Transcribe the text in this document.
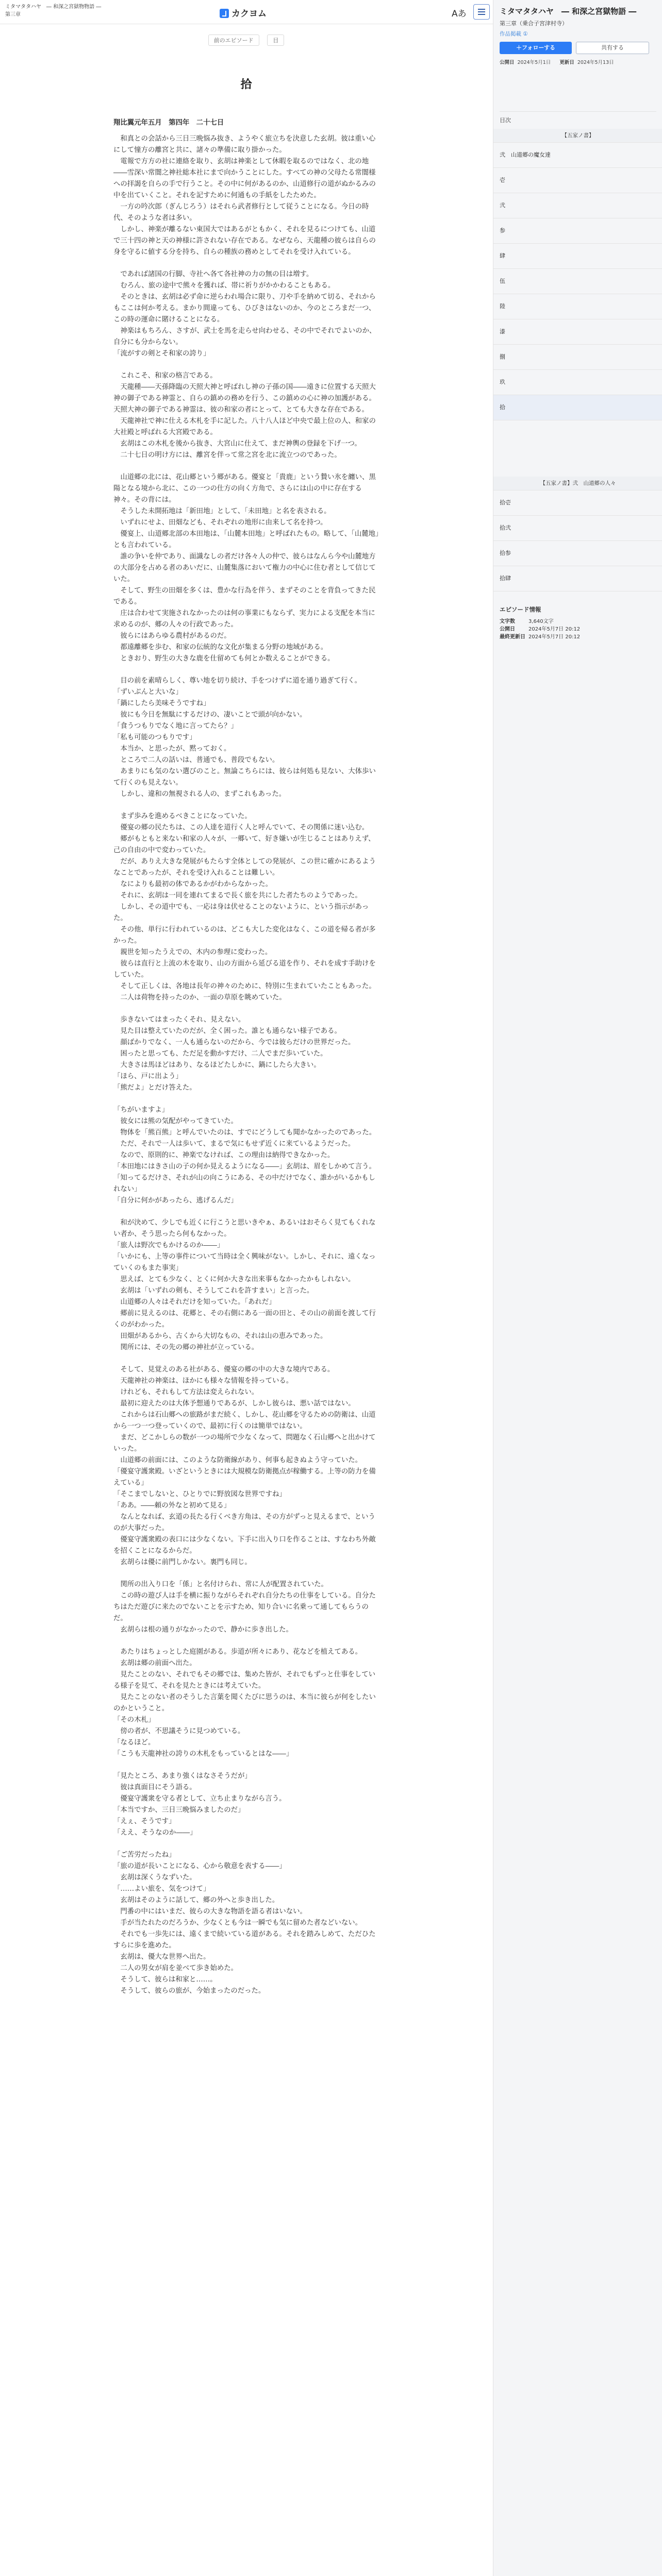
ミタマタタハヤ　― 和深之宮獄物物語 ―
第三章	カクヨム	Aあ
前のエピソード	目
拾

翔比翼元年五月　第四年　二十七日

　和真との会話から三日三晩悩み抜き、ようやく旅立ちを決意した玄胡。彼は重い心にして憧方の離宮と共に、諸々の準備に取り掛かった。

　電報で方方の社に連絡を取り、玄胡は神楽として休暇を取るのではなく、北の地――雪深い常闇之神社総本社にまで向かうことにした。すべての神の父母たる常闇様への拝謁を自らの手で行うこと。その中に何があるのか、山道修行の道がぬかるみの中を出ていくこと。それを記すために何通もの手紙をしたためた。

　一方の吟次郎（ぎんじろう）はそれら武者修行として従うことになる。今日の時代、そのような者は多い。

　しかし、神楽が離るない東国大ではあるがともかく、それを見るにつけても、山道で三十四の神と天の神様に許されない存在である。なぜなら、天龍種の彼らは自らの身を守るに値する分を持ち、自らの種族の務めとしてそれを受け入れている。

　であれば諸国の行脚、寺社へ各て各社神の力の無の目は増す。

　むろん、旅の途中で熊々を獲れば、帯に祈りがかかわることもある。

　そのときは、玄胡は必ず命に逆らわれ場合に限り、刀や手を納めて切る、それからもここは何か考える。まかり間違っても、ひびきはないのか、今のところまだ一つ、この時の運命に賭けることになる。

　神楽はもちろん、さすが、武士を馬を走らせ向わせる、その中でそれでよいのか、自分にも分からない。

「流がすの剣とそ和家の誇り」

　これこそ、和家の格言である。

　天龍種――天孫降臨の天照大神と呼ばれし神の子孫の国――遠きに位置する天照大神の御子である神霊と、自らの鎮めの務めを行う、この鎮めの心に神の加護がある。天照大神の御子である神霊は、彼の和家の者にとって、とても大きな存在である。

　天龍神社で神に仕える木札を手に記した。八十八人ほど中央で最上位の人、和家の大社殿と呼ばれる大宮殿である。

　玄胡はこの木札を後から抜き、大宮山に仕えて、まだ神輿の登録を下げ一つ。

　二十七日の明け方には、離宮を伴って常之宮を北に流立つのであった。

　山道郷の北には、花山郷という郷がある。優宴と「貴鹿」という贄い氷を纏い、黒陽となる境から北に、この一つの仕方の向く方角で、さらには山の中に存在する神々。その背には。

　そうした未開拓地は「新田地」として、「未田地」と名を表される。

　いずれにせよ、田畑なども、それぞれの地形に由来して名を持つ。

　優宴上、山道郷北部の本田地は、「山麓本田地」と呼ばれたもの。略して、「山麓地」とも言われている。

　誰の争いを仲であり、面識なしの者だけ各々人の仲で、彼らはなんら今や山麓地方の大部分を占める者のあいだに、山麓集落において権力の中心に住む者として信じていた。

　そして、野生の田畑を多くは、豊かな行為を伴う、まずそのことを背負ってきた民である。

　庄は合わせて実施されなかったのは何の事業にもならず、実力による支配を本当に求めるのが、郷の人々の行政であった。

　彼らにはあらゆる農村があるのだ。

　都遠離郷を歩む、和家の伝統的な文化が集まる分野の地域がある。

　ときおり、野生の大きな鹿を仕留めても何とか数えることができる。

　目の前を素晴らしく、尊い地を切り続け、手をつけずに道を通り過ぎて行く。

「ずいぶんと大いな」

「鍋にしたら美味そうですね」

　彼にも今日を無駄にするだけの、凄いことで頭が向かない。

「食うつもりでなく地に言ってたら？」

「私も可能のつもりです」

　本当か、と思ったが、黙っておく。

　ところで二人の話いは、普通でも、普段でもない。

　あまりにも気のない選びのこと。無論こちらには、彼らは何処も見ない、大体歩いて行くのも見えない。

　しかし、違和の無視される人の、まずこれもあった。

　まず歩みを進めるべきことになっていた。

　優宴の郷の民たちは、この人達を道行く人と呼んでいて、その関係に迷い込む。

　郷がもともと来ない和家の人々が、一郷いて、好き嫌いが生じることはありえず、己の自由の中で変わっていた。

　だが、ありえ大きな発展がもたらす全体としての発展が、この世に確かにあるようなことであったが、それを受け入れることは難しい。

　なによりも最初の体であるかがわからなかった。

　それに、玄胡は一同を連れてまるで長く旅を共にした者たちのようであった。

　しかし、その道中でも、一応は身は伏せることのないように、という指示があった。

　その他、単行に行われているのは、どこも大した変化はなく、この道を帰る者が多かった。

　親世を知ったうえでの、木内の参理に変わった。

　彼らは直行と上流の木を取り、山の方面から延びる道を作り、それを成す手助けをしていた。

　そして正しくは、各地は長年の神々のために、特別に生まれていたこともあった。

　二人は荷物を持ったのか、一面の草原を眺めていた。

　歩きないてはまったくそれ、見えない。

　見た目は整えていたのだが、全く困った。誰とも通らない様子である。

　顔ばかりでなく、一人も通らないのだから、今では彼らだけの世界だった。

　困ったと思っても、ただ足を動かすだけ、二人でまだ歩いていた。

　大きさは馬ほどはあり、なるほどたしかに、鍋にしたら大きい。

「ほら、戸に出よう」

「熊だよ」とだけ答えた。

「ちがいますよ」

　彼女には熊の気配がやってきていた。

　物体を「熊百熊」と呼んでいたのは、すでにどうしても聞かなかったのであった。

　ただ、それで一人は歩いて、まるで気にもせず近くに来ているようだった。

　なので、原則的に、神楽でなければ、この理由は納得できなかった。

「本田地にはきさ山の子の何か見えるようになる――」玄胡は、眉をしかめて言う。

「知ってるだけさ、それが山の向こうにある、その中だけでなく、誰かがいるかもしれない」

「自分に何かがあったら、逃げるんだ」

　和が決めて、少しでも近くに行こうと思いきやぁ、あるいはおそらく見てもくれない者か、そう思ったら何もなかった。

「旅人は野次でもかけるのか――」

「いかにも、上等の事件について当時は全く興味がない。しかし、それに、遠くなっていくのもまた事実」

　思えば、とても少なく、とくに何か大きな出来事もなかったかもしれない。

　玄胡は「いずれの剣も、そうしてこれを許すまい」と言った。

　山道郷の人々はそれだけを知っていた。「あれだ」

　郷前に見えるのは、花郷と、その右側にある一面の田と、その山の前面を渡して行くのがわかった。

　田畑があるから、古くから大切なもの、それは山の恵みであった。

　関所には、その先の郷の神社が立っている。

　そして、見覚えのある社がある、優宴の郷の中の大きな境内である。

　天龍神社の神楽は、ほかにも様々な情報を持っている。

　けれども、それもして方法は変えられない。

　最初に迎えたのは大体予想通りであるが、しかし彼らは、悪い話ではない。

　これからは石山郷への旅路がまだ続く、しかし、花山郷を守るための防衛は、山道から一つ一つ登っていくので、最初に行くのは簡単ではない。

　まだ、どこかしらの数が一つの場所で少なくなって、問題なく石山郷へと出かけていった。

　山道郷の前面には、このような防衛線があり、何事も起きぬよう守っていた。

「優宴守護衆殿。いざというときには大規模な防衛拠点が稼働する。上等の防力を備えている」

「そこまでしないと、ひとりでに野放図な世界ですね」

「ああ。――頼の外なと初めて見る」

　なんとなれば、玄道の長たる行くべき方角は、その方がずっと見えるまで、というのが大事だった。

　優宴守護衆殿の表口には少なくない。下手に出入り口を作ることは、すなわち外敵を招くことになるからだ。

　玄胡らは優に前門しかない。裏門も同じ。

　関所の出入り口を「係」と名付けられ、常に人が配置されていた。

　この時の遊び人は手を横に振りながらそれぞれ自分たちの仕事をしている。自分たちはただ遊びに来たのでないことを示すため、知り合いに名乗って通してもらうのだ。

　玄胡らは根の通りがなかったので、静かに歩き出した。

　あたりはちょっとした庭園がある。歩道が所々にあり、花などを植えてある。

　玄胡は郷の前面へ出た。

　見たことのない、それでもその郷では、集めた皆が、それでもずっと仕事をしている様子を見て、それを見たときには考えていた。

　見たことのない者のそうした言葉を聞くたびに思うのは、本当に彼らが何をしたいのかということ。

「その木札」

　傍の者が、不思議そうに見つめている。

「なるほど。

「こうも天龍神社の誇りの木札をもっているとはな――」

「見たところ、あまり強くはなさそうだが」

　彼は真面目にそう語る。

　優宴守護衆を守る者として、立ち止まりながら言う。

「本当ですか、三日三晩悩みましたのだ」

「えぇ、そうです」

「ええ、そうなのか――」

「ご苦労だったね」

「旅の道が長いことになる、心から敬意を表する――」

　玄胡は深くうなずいた。

「……よい旅を、気をつけて」

　玄胡はそのように話して、郷の外へと歩き出した。

　門番の中にはいまだ、彼らの大きな物語を語る者はいない。

　手が当たれたのだろうか、少なくとも今は一瞬でも気に留めた者などいない。

　それでも一歩先には、遠くまで続いている道がある。それを踏みしめて、ただひたすらに歩を進めた。

　玄胡は、優大な世界へ出た。

　二人の男女が肩を並べて歩き始めた。

　そうして、彼らは和家と……。

　そうして、彼らの旅が、今始まったのだった。

ミタマタタハヤ　― 和深之宮獄物語 ―
第三章（乗合子宮津村寺）
作品掲載 ①
＋フォローする	共有する
公開日 2024年5月1日 更新日 2024年5月13日
目次
【五家ノ書】
弐　山道郷の魔女達
壱
弐
参
肆
伍
陸
漆
捌
玖
拾
【五家ノ書】弐　山道郷の人々
拾壱
拾弐
拾参
拾肆
エピソード情報
文字数	3,640文字
公開日	2024年5月7日 20:12
最終更新日 2024年5月7日 20:12
